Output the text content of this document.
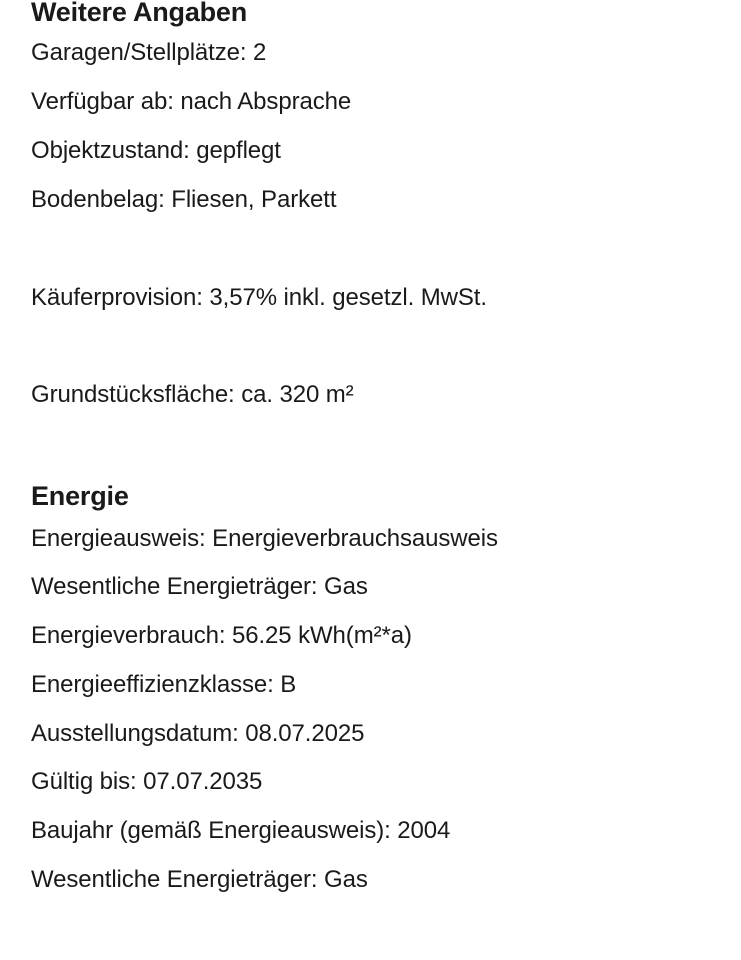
Weitere Angaben
Garagen/Stellplätze: 2
Verfügbar ab: nach Absprache
Objektzustand: gepflegt
Bodenbelag: Fliesen, Parkett
Käuferprovision: 3,57% inkl. gesetzl. MwSt.
Grundstücksfläche: ca. 320 m²
Energie
Energieausweis: Energieverbrauchsausweis
Wesentliche Energieträger: Gas
Energieverbrauch: 56.25 kWh(m²*a)
Energieeffizienzklasse: B
Ausstellungsdatum: 08.07.2025
Gültig bis: 07.07.2035
Baujahr (gemäß Energieausweis): 2004
Wesentliche Energieträger: Gas
